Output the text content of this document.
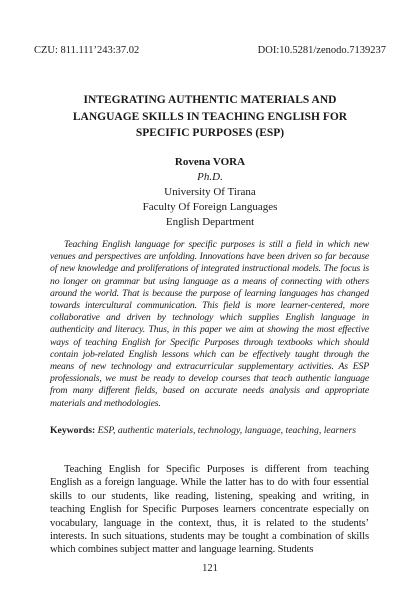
CZU: 811.111’243:37.02	DOI:10.5281/zenodo.7139237
INTEGRATING AUTHENTIC MATERIALS AND LANGUAGE SKILLS IN TEACHING ENGLISH FOR SPECIFIC PURPOSES (ESP)
Rovena VORA
Ph.D.
University Of Tirana
Faculty Of Foreign Languages
English Department
Teaching English language for specific purposes is still a field in which new venues and perspectives are unfolding. Innovations have been driven so far because of new knowledge and proliferations of integrated instructional models. The focus is no longer on grammar but using language as a means of connecting with others around the world. That is because the purpose of learning languages has changed towards intercultural communication. This field is more learner-centered, more collaborative and driven by technology which supplies English language in authenticity and literacy. Thus, in this paper we aim at showing the most effective ways of teaching English for Specific Purposes through textbooks which should contain job-related English lessons which can be effectively taught through the means of new technology and extracurricular supplementary activities. As ESP professionals, we must be ready to develop courses that teach authentic language from many different fields, based on accurate needs analysis and appropriate materials and methodologies.
Keywords: ESP, authentic materials, technology, language, teaching, learners
Teaching English for Specific Purposes is different from teaching English as a foreign language. While the latter has to do with four essential skills to our students, like reading, listening, speaking and writing, in teaching English for Specific Purposes learners concentrate especially on vocabulary, language in the context, thus, it is related to the students’ interests. In such situations, students may be tought a combination of skills which combines subject matter and language learning. Students
121
